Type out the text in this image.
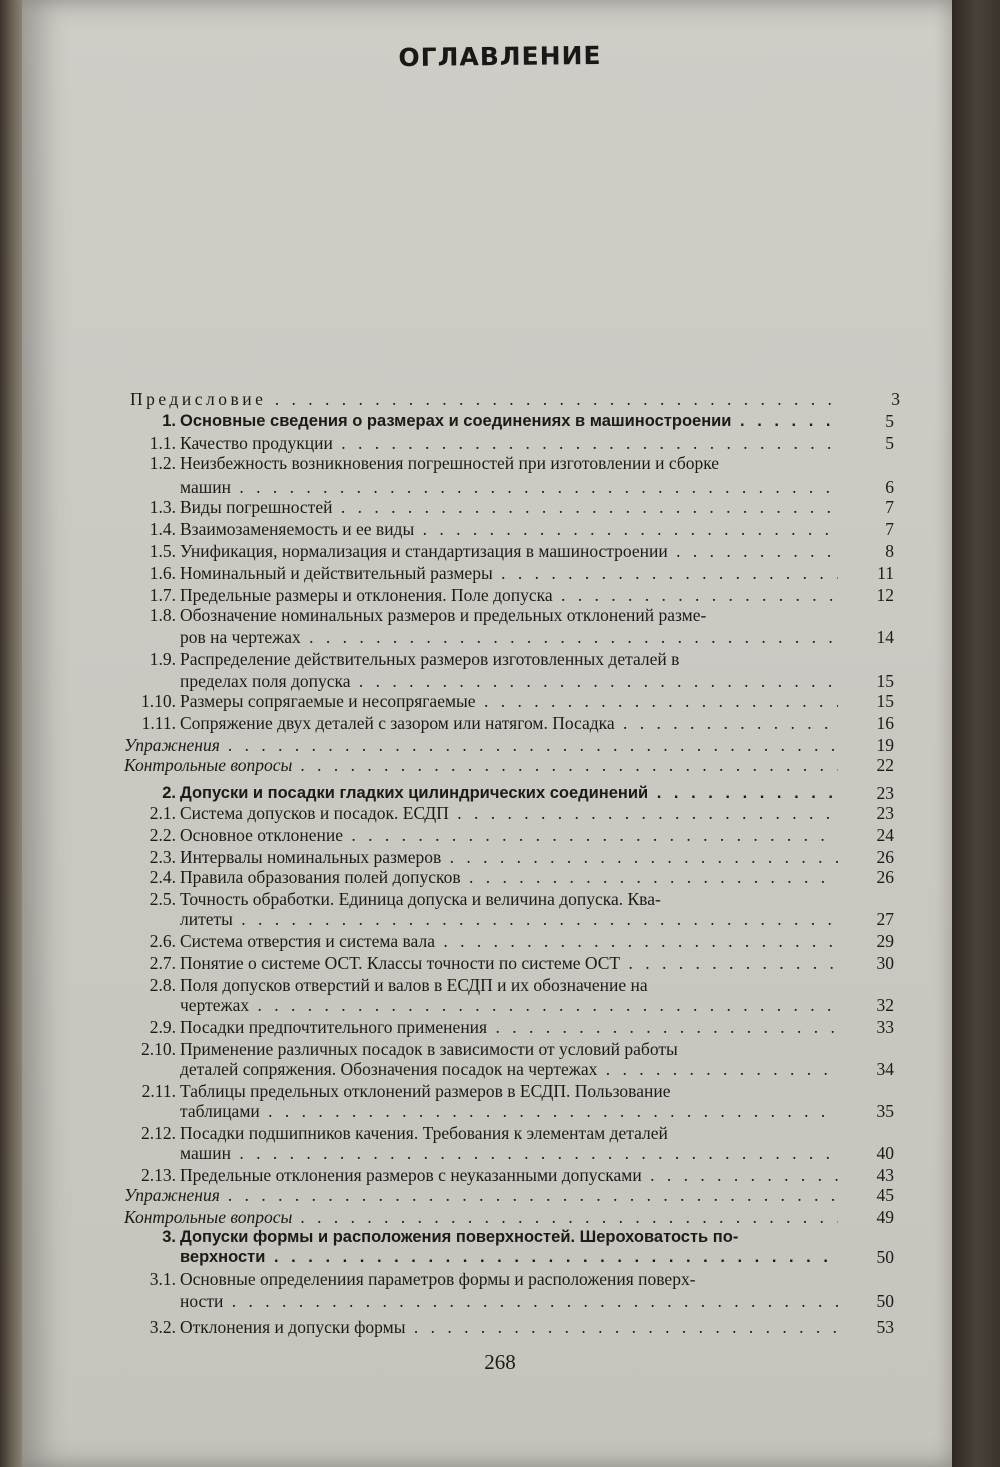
ОГЛАВЛЕНИЕ
Предисловие . . .	3
1. Основные сведения о размерах и соединениях в машиностроении . . .	5
1.1. Качество продукции . . .	5
1.2. Неизбежность возникновения погрешностей при изготовлении и сборке
машин . . .	6
1.3. Виды погрешностей . . .	7
1.4. Взаимозаменяемость и ее виды . . .	7
1.5. Унификация, нормализация и стандартизация в машиностроении . . .	8
1.6. Номинальный и действительный размеры . . .	11
1.7. Предельные размеры и отклонения. Поле допуска . . .	12
1.8. Обозначение номинальных размеров и предельных отклонений разме-
ров на чертежах . . .	14
1.9. Распределение действительных размеров изготовленных деталей в
пределах поля допуска . . .	15
1.10. Размеры сопрягаемые и несопрягаемые . . .	15
1.11. Сопряжение двух деталей с зазором или натягом. Посадка . . .	16
Упражнения . . .	19
Контрольные вопросы . . .	22
2. Допуски и посадки гладких цилиндрических соединений . . .	23
2.1. Система допусков и посадок. ЕСДП . . .	23
2.2. Основное отклонение . . .	24
2.3. Интервалы номинальных размеров . . .	26
2.4. Правила образования полей допусков . . .	26
2.5. Точность обработки. Единица допуска и величина допуска. Ква-
литеты . . .	27
2.6. Система отверстия и система вала . . .	29
2.7. Понятие о системе ОСТ. Классы точности по системе ОСТ . . .	30
2.8. Поля допусков отверстий и валов в ЕСДП и их обозначение на
чертежах . . .	32
2.9. Посадки предпочтительного применения . . .	33
2.10. Применение различных посадок в зависимости от условий работы
деталей сопряжения. Обозначения посадок на чертежах . . .	34
2.11. Таблицы предельных отклонений размеров в ЕСДП. Пользование
таблицами . . .	35
2.12. Посадки подшипников качения. Требования к элементам деталей
машин . . .	40
2.13. Предельные отклонения размеров с неуказанными допусками . . .	43
Упражнения . . .	45
Контрольные вопросы . . .	49
3. Допуски формы и расположения поверхностей. Шероховатость по-
верхности . . .	50
3.1. Основные определениия параметров формы и расположения поверх-
ности . . .	50
3.2. Отклонения и допуски формы . . .	53
268
